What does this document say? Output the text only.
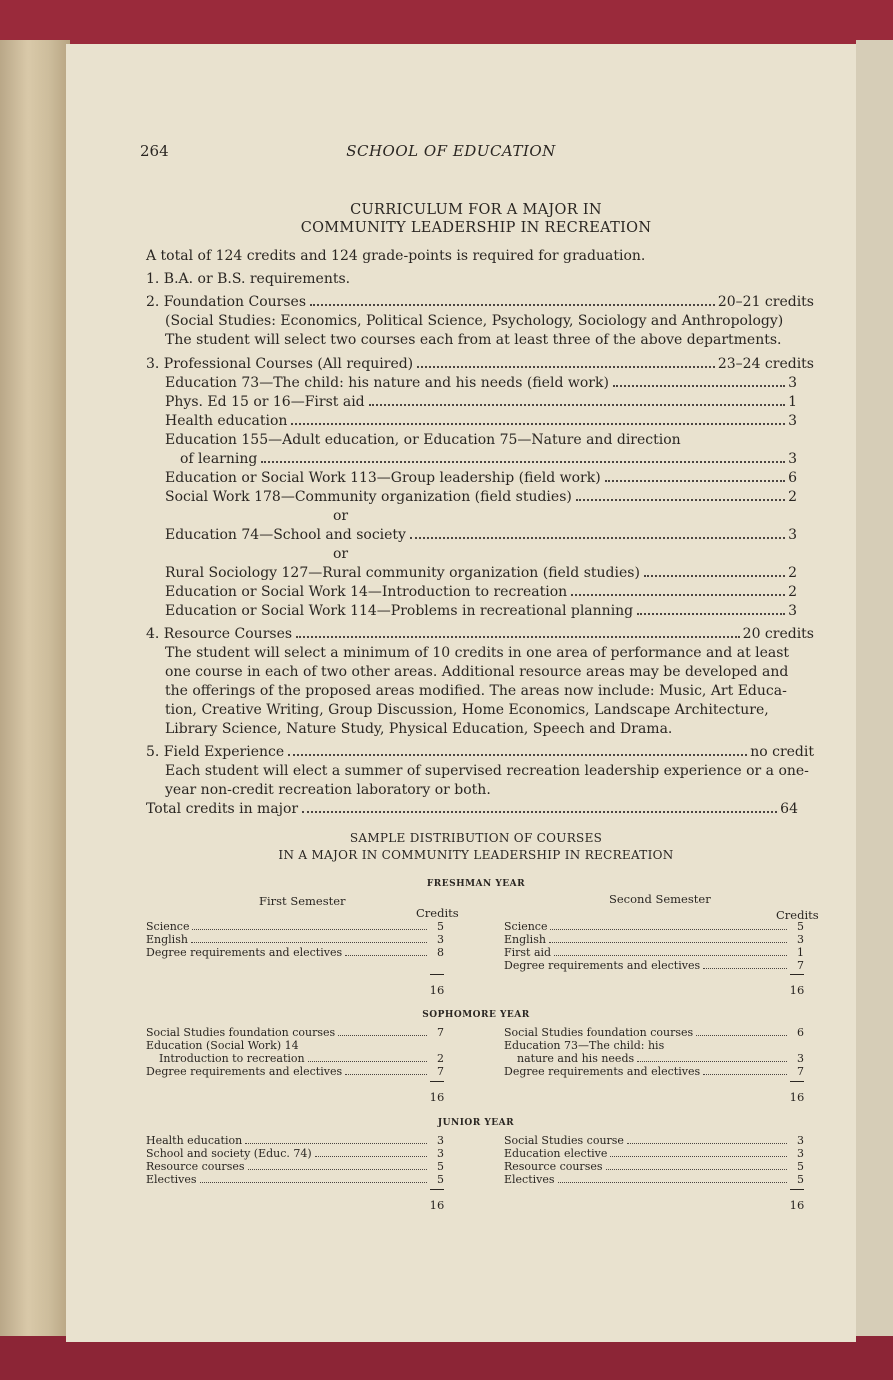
264	SCHOOL OF EDUCATION
CURRICULUM FOR A MAJOR IN
COMMUNITY LEADERSHIP IN RECREATION
A total of 124 credits and 124 grade-points is required for graduation.
1. B.A. or B.S. requirements.
2. Foundation Courses	20–21 credits
(Social Studies: Economics, Political Science, Psychology, Sociology and Anthropology)
The student will select two courses each from at least three of the above departments.
3. Professional Courses (All required)	23–24 credits
Education 73—The child: his nature and his needs (field work)	3
Phys. Ed 15 or 16—First aid	1
Health education	3
Education 155—Adult education, or Education 75—Nature and direction
of learning	3
Education or Social Work 113—Group leadership (field work)	6
Social Work 178—Community organization (field studies)	2
or
Education 74—School and society	3
or
Rural Sociology 127—Rural community organization (field studies)	2
Education or Social Work 14—Introduction to recreation	2
Education or Social Work 114—Problems in recreational planning	3
4. Resource Courses	20 credits
The student will select a minimum of 10 credits in one area of performance and at least
one course in each of two other areas. Additional resource areas may be developed and
the offerings of the proposed areas modified. The areas now include: Music, Art Educa-
tion, Creative Writing, Group Discussion, Home Economics, Landscape Architecture,
Library Science, Nature Study, Physical Education, Speech and Drama.
5. Field Experience	no credit
Each student will elect a summer of supervised recreation leadership experience or a one-
year non-credit recreation laboratory or both.
Total credits in major	64
SAMPLE DISTRIBUTION OF COURSES
IN A MAJOR IN COMMUNITY LEADERSHIP IN RECREATION
FRESHMAN YEAR
First Semester	Second Semester
Credits	Credits
Science	5
English	3
Degree requirements and electives	8
16
Science	5
English	3
First aid	1
Degree requirements and electives	7
16
SOPHOMORE YEAR
Social Studies foundation courses	7
Education (Social Work) 14
Introduction to recreation	2
Degree requirements and electives	7
16
Social Studies foundation courses	6
Education 73—The child: his
nature and his needs	3
Degree requirements and electives	7
16
JUNIOR YEAR
Health education	3
School and society (Educ. 74)	3
Resource courses	5
Electives	5
16
Social Studies course	3
Education elective	3
Resource courses	5
Electives	5
16
